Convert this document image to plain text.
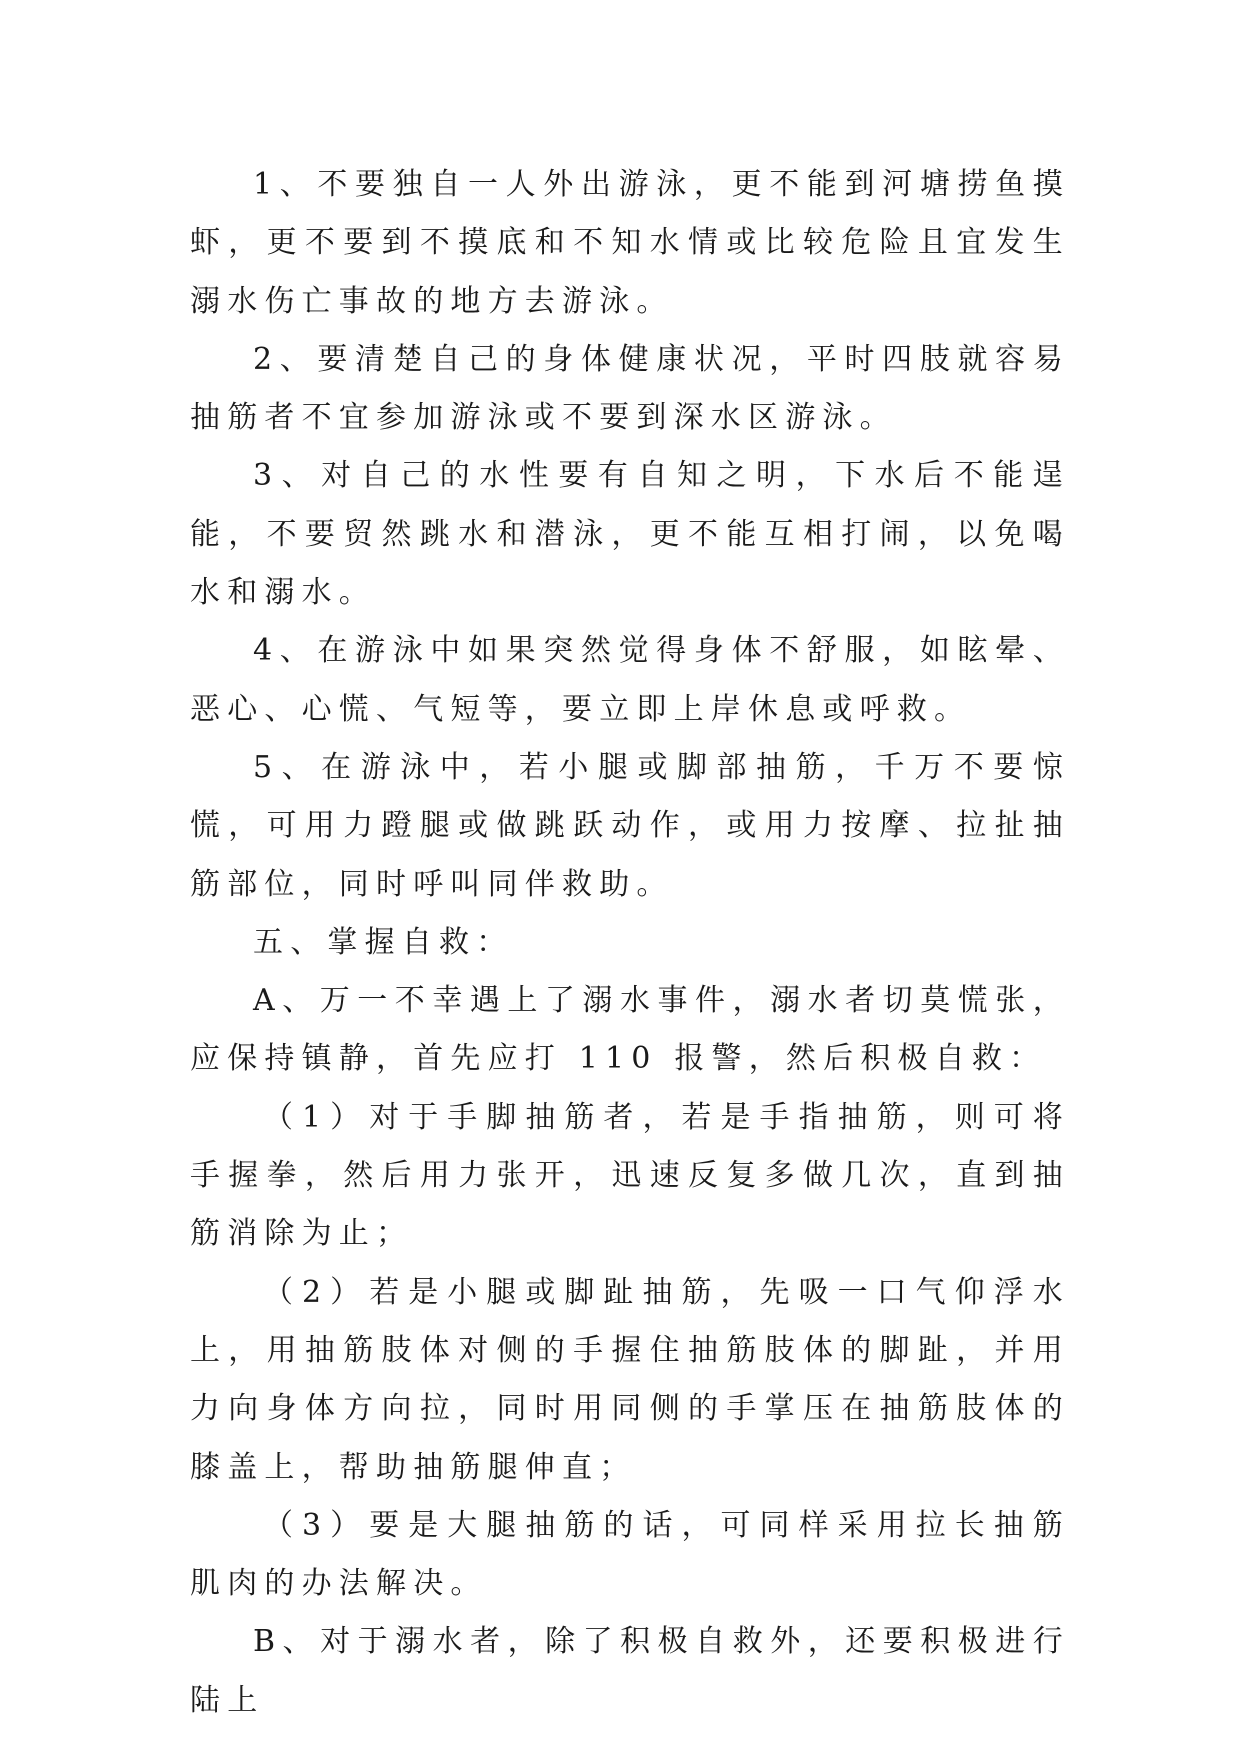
1、不要独自一人外出游泳，更不能到河塘捞鱼摸虾，更不要到不摸底和不知水情或比较危险且宜发生溺水伤亡事故的地方去游泳。

2、要清楚自己的身体健康状况，平时四肢就容易抽筋者不宜参加游泳或不要到深水区游泳。

3、对自己的水性要有自知之明，下水后不能逞能，不要贸然跳水和潜泳，更不能互相打闹，以免喝水和溺水。

4、在游泳中如果突然觉得身体不舒服，如眩晕、恶心、心慌、气短等，要立即上岸休息或呼救。

5、在游泳中，若小腿或脚部抽筋，千万不要惊慌，可用力蹬腿或做跳跃动作，或用力按摩、拉扯抽筋部位，同时呼叫同伴救助。

五、掌握自救：

A、万一不幸遇上了溺水事件，溺水者切莫慌张，应保持镇静，首先应打 110 报警，然后积极自救：

（1）对于手脚抽筋者，若是手指抽筋，则可将手握拳，然后用力张开，迅速反复多做几次，直到抽筋消除为止；

（2）若是小腿或脚趾抽筋，先吸一口气仰浮水上，用抽筋肢体对侧的手握住抽筋肢体的脚趾，并用力向身体方向拉，同时用同侧的手掌压在抽筋肢体的膝盖上，帮助抽筋腿伸直；

（3）要是大腿抽筋的话，可同样采用拉长抽筋肌肉的办法解决。

B、对于溺水者，除了积极自救外，还要积极进行陆上
